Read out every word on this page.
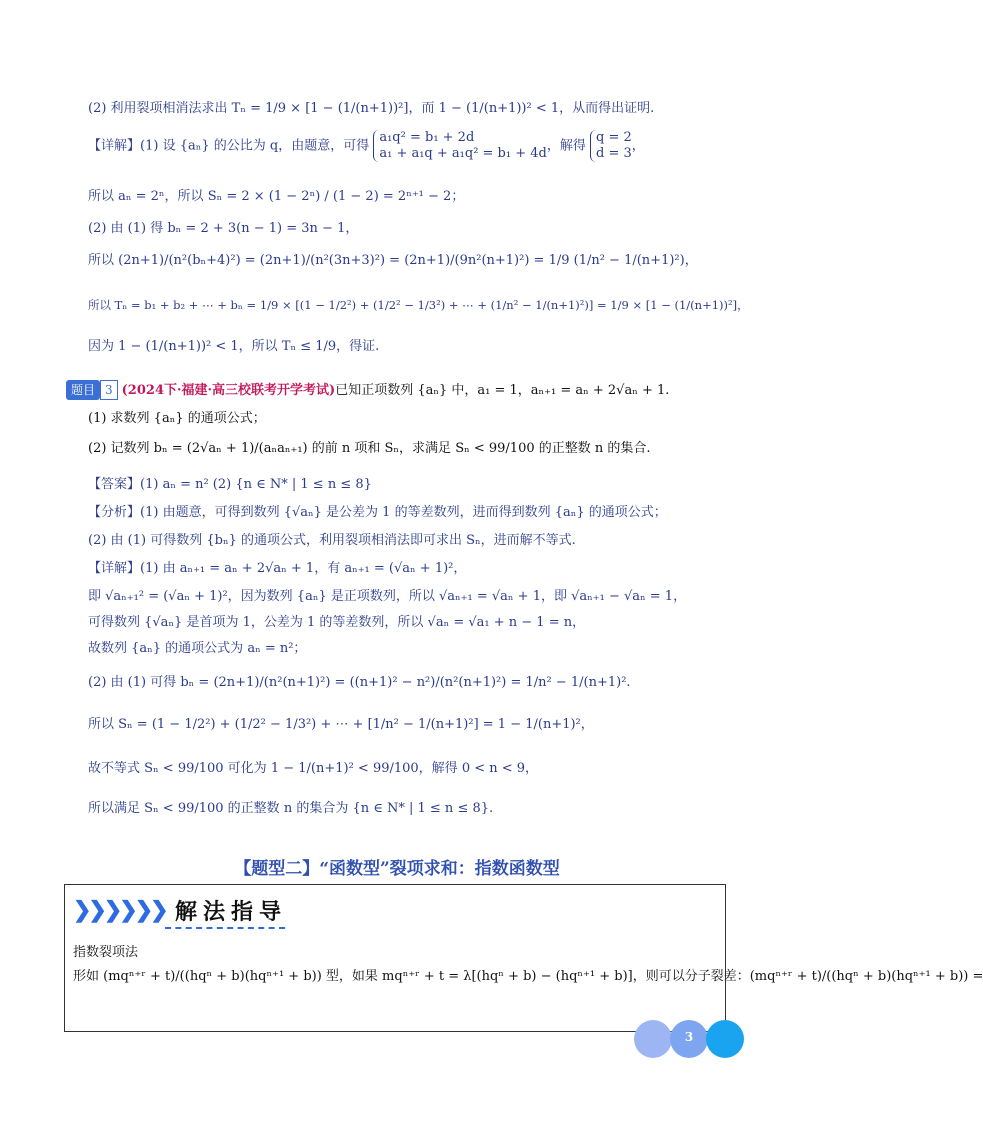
(2) 利用裂项相消法求出 Tₙ = 1/9 × [1 − (1/(n+1))²]，而 1 − (1/(n+1))² < 1，从而得出证明.
【详解】(1) 设 {aₙ} 的公比为 q，由题意，可得
a₁q² = b₁ + 2d
a₁ + a₁q + a₁q² = b₁ + 4d ，解得
q = 2
d = 3 ，
所以 aₙ = 2ⁿ，所以 Sₙ = 2 × (1 − 2ⁿ) / (1 − 2) = 2ⁿ⁺¹ − 2；
(2) 由 (1) 得 bₙ = 2 + 3(n − 1) = 3n − 1，
所以 (2n+1)/(n²(bₙ+4)²) = (2n+1)/(n²(3n+3)²) = (2n+1)/(9n²(n+1)²) = 1/9 (1/n² − 1/(n+1)²)，
所以 Tₙ = b₁ + b₂ + ⋯ + bₙ = 1/9 × [(1 − 1/2²) + (1/2² − 1/3²) + ⋯ + (1/n² − 1/(n+1)²)] = 1/9 × [1 − (1/(n+1))²]，
因为 1 − (1/(n+1))² < 1，所以 Tₙ ≤ 1/9，得证.
题目 3 (2024下·福建·高三校联考开学考试)已知正项数列 {aₙ} 中，a₁ = 1，aₙ₊₁ = aₙ + 2√aₙ + 1.
(1) 求数列 {aₙ} 的通项公式；
(2) 记数列 bₙ = (2√aₙ + 1)/(aₙaₙ₊₁) 的前 n 项和 Sₙ，求满足 Sₙ < 99/100 的正整数 n 的集合.
【答案】(1) aₙ = n² (2) {n ∈ N* | 1 ≤ n ≤ 8}
【分析】(1) 由题意，可得到数列 {√aₙ} 是公差为 1 的等差数列，进而得到数列 {aₙ} 的通项公式；
(2) 由 (1) 可得数列 {bₙ} 的通项公式，利用裂项相消法即可求出 Sₙ，进而解不等式.
【详解】(1) 由 aₙ₊₁ = aₙ + 2√aₙ + 1，有 aₙ₊₁ = (√aₙ + 1)²，
即 √aₙ₊₁² = (√aₙ + 1)²，因为数列 {aₙ} 是正项数列，所以 √aₙ₊₁ = √aₙ + 1，即 √aₙ₊₁ − √aₙ = 1，
可得数列 {√aₙ} 是首项为 1，公差为 1 的等差数列，所以 √aₙ = √a₁ + n − 1 = n，
故数列 {aₙ} 的通项公式为 aₙ = n²；
(2) 由 (1) 可得 bₙ = (2n+1)/(n²(n+1)²) = ((n+1)² − n²)/(n²(n+1)²) = 1/n² − 1/(n+1)².
所以 Sₙ = (1 − 1/2²) + (1/2² − 1/3²) + ⋯ + [1/n² − 1/(n+1)²] = 1 − 1/(n+1)²，
故不等式 Sₙ < 99/100 可化为 1 − 1/(n+1)² < 99/100，解得 0 < n < 9，
所以满足 Sₙ < 99/100 的正整数 n 的集合为 {n ∈ N* | 1 ≤ n ≤ 8}.
【题型二】“函数型”裂项求和：指数函数型
❯❯❯❯❯❯ 解法指导
指数裂项法
形如 (mqⁿ⁺ʳ + t)/((hqⁿ + b)(hqⁿ⁺¹ + b)) 型，如果 mqⁿ⁺ʳ + t = λ[(hqⁿ + b) − (hqⁿ⁺¹ + b)]，则可以分子裂差：(mqⁿ⁺ʳ + t)/((hqⁿ + b)(hqⁿ⁺¹ + b)) =
3
